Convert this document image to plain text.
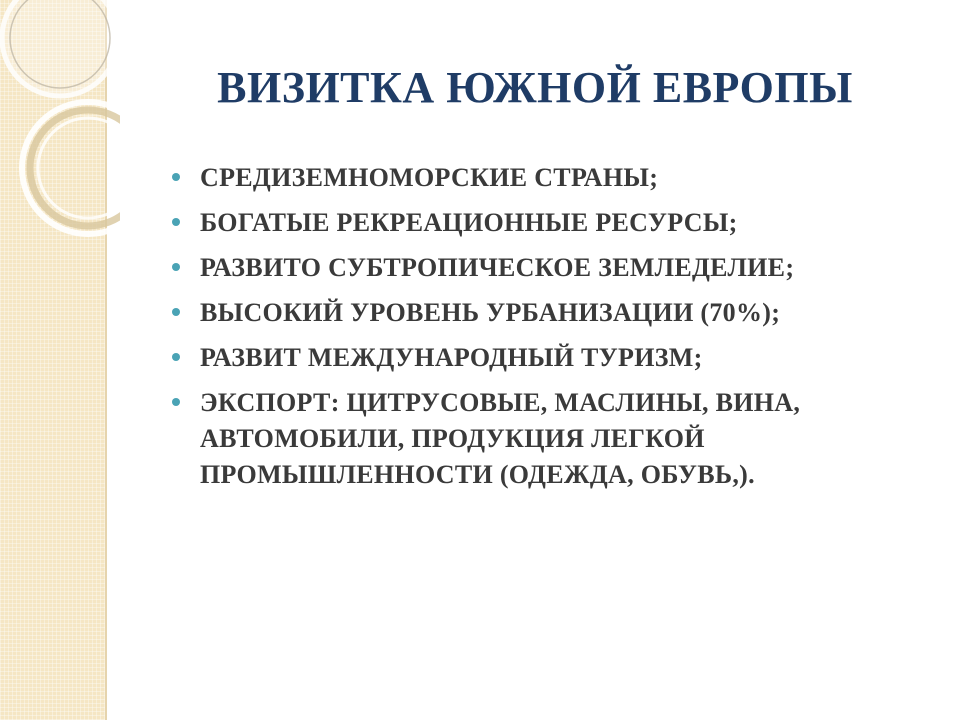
ВИЗИТКА ЮЖНОЙ ЕВРОПЫ
СРЕДИЗЕМНОМОРСКИЕ СТРАНЫ;
БОГАТЫЕ РЕКРЕАЦИОННЫЕ РЕСУРСЫ;
РАЗВИТО СУБТРОПИЧЕСКОЕ ЗЕМЛЕДЕЛИЕ;
ВЫСОКИЙ УРОВЕНЬ УРБАНИЗАЦИИ (70%);
РАЗВИТ МЕЖДУНАРОДНЫЙ ТУРИЗМ;
ЭКСПОРТ: ЦИТРУСОВЫЕ, МАСЛИНЫ, ВИНА, АВТОМОБИЛИ, ПРОДУКЦИЯ ЛЕГКОЙ ПРОМЫШЛЕННОСТИ (ОДЕЖДА, ОБУВЬ,).
